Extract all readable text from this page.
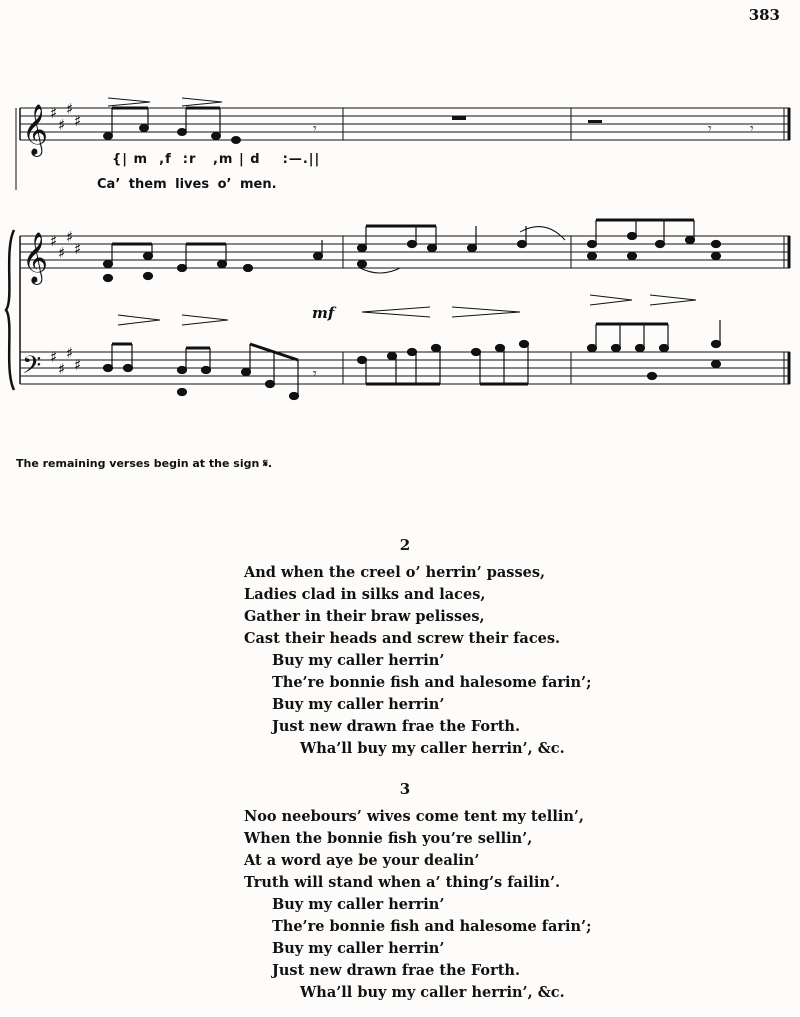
383
𝄞
𝄞
𝄢
♯
♯
♯
♯
♯
♯
♯
♯
♯
♯
♯
♯
𝄾	𝄾	𝄾
𝄾
{| m  ,f  :r   ,m | d    :—.||
Ca’ them lives o’ men.
mf
The remaining verses begin at the sign 𝄋.
2
And when the creel o’ herrin’ passes,
Ladies clad in silks and laces,
Gather in their braw pelisses,
Cast their heads and screw their faces.
Buy my caller herrin’
The’re bonnie fish and halesome farin’;
Buy my caller herrin’
Just new drawn frae the Forth.
Wha’ll buy my caller herrin’, &c.
3
Noo neebours’ wives come tent my tellin’,
When the bonnie fish you’re sellin’,
At a word aye be your dealin’
Truth will stand when a’ thing’s failin’.
Buy my caller herrin’
The’re bonnie fish and halesome farin’;
Buy my caller herrin’
Just new drawn frae the Forth.
Wha’ll buy my caller herrin’, &c.
